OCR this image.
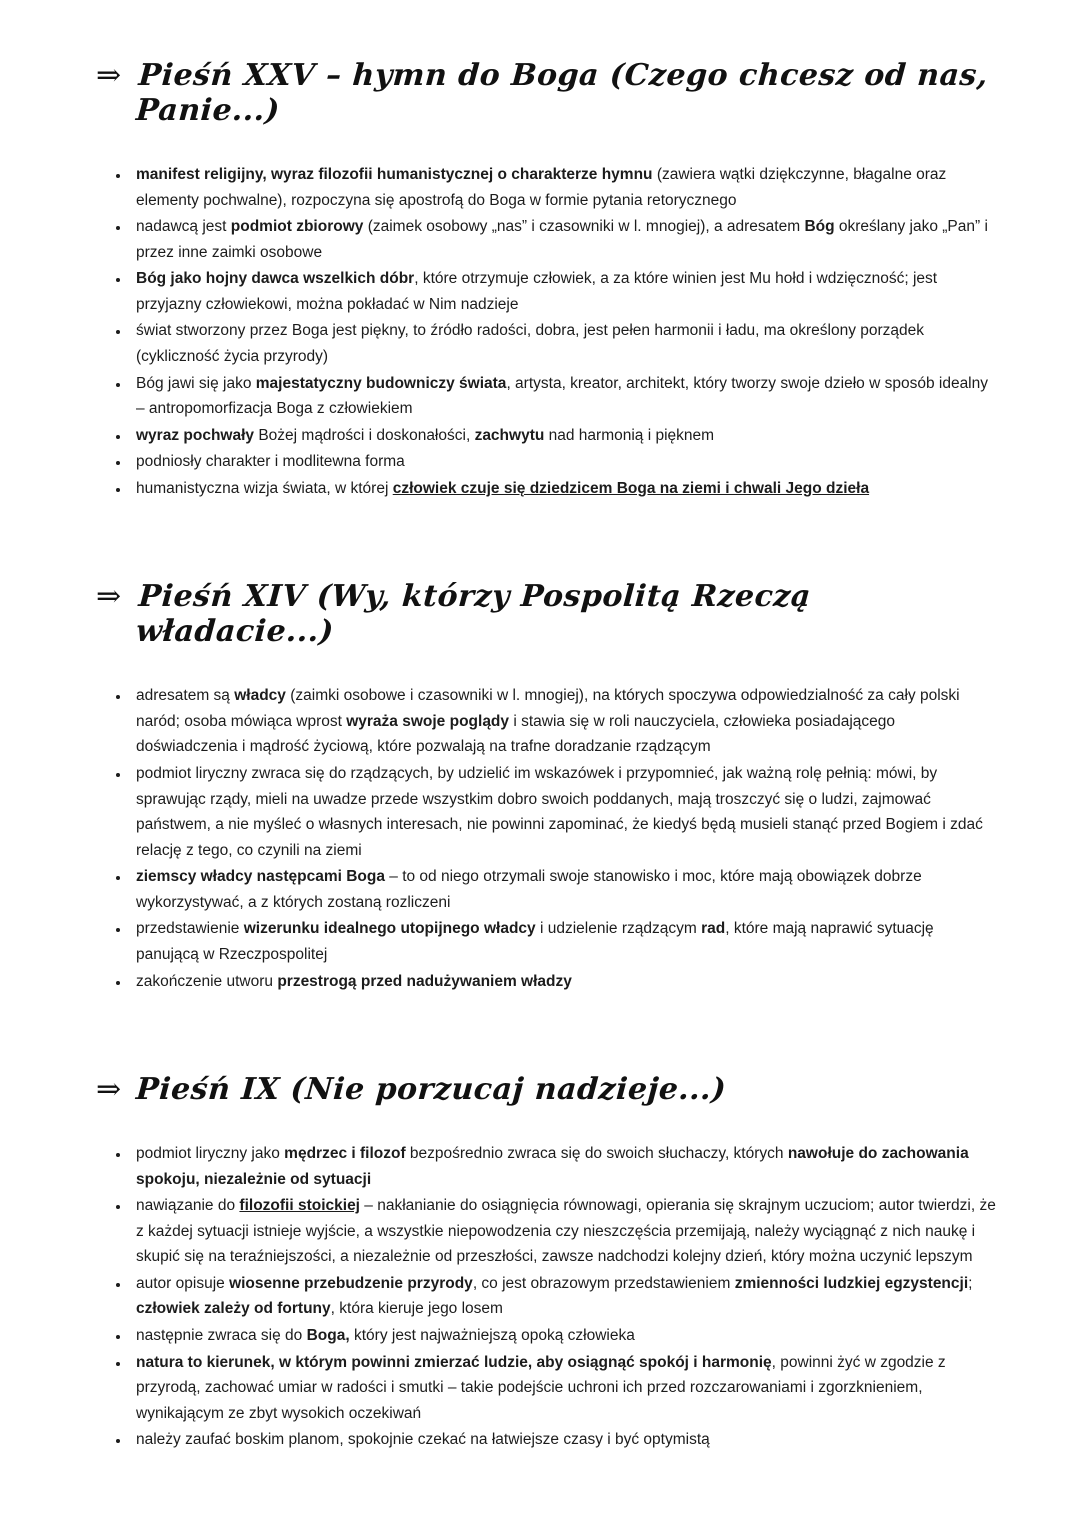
⇒ Pieśń XXV – hymn do Boga (Czego chcesz od nas, Panie...)
• manifest religijny, wyraz filozofii humanistycznej o charakterze hymnu (zawiera wątki dziękczynne, błagalne oraz elementy pochwalne), rozpoczyna się apostrofą do Boga w formie pytania retorycznego
• nadawcą jest podmiot zbiorowy (zaimek osobowy „nas” i czasowniki w l. mnogiej), a adresatem Bóg określany jako „Pan” i przez inne zaimki osobowe
• Bóg jako hojny dawca wszelkich dóbr, które otrzymuje człowiek, a za które winien jest Mu hołd i wdzięczność; jest przyjazny człowiekowi, można pokładać w Nim nadzieje
• świat stworzony przez Boga jest piękny, to źródło radości, dobra, jest pełen harmonii i ładu, ma określony porządek (cykliczność życia przyrody)
• Bóg jawi się jako majestatyczny budowniczy świata, artysta, kreator, architekt, który tworzy swoje dzieło w sposób idealny – antropomorfizacja Boga z człowiekiem
• wyraz pochwały Bożej mądrości i doskonałości, zachwytu nad harmonią i pięknem
• podniosły charakter i modlitewna forma
• humanistyczna wizja świata, w której człowiek czuje się dziedzicem Boga na ziemi i chwali Jego dzieła
⇒ Pieśń XIV (Wy, którzy Pospolitą Rzeczą władacie...)
• adresatem są władcy (zaimki osobowe i czasowniki w l. mnogiej), na których spoczywa odpowiedzialność za cały polski naród; osoba mówiąca wprost wyraża swoje poglądy i stawia się w roli nauczyciela, człowieka posiadającego doświadczenia i mądrość życiową, które pozwalają na trafne doradzanie rządzącym
• podmiot liryczny zwraca się do rządzących, by udzielić im wskazówek i przypomnieć, jak ważną rolę pełnią: mówi, by sprawując rządy, mieli na uwadze przede wszystkim dobro swoich poddanych, mają troszczyć się o ludzi, zajmować państwem, a nie myśleć o własnych interesach, nie powinni zapominać, że kiedyś będą musieli stanąć przed Bogiem i zdać relację z tego, co czynili na ziemi
• ziemscy władcy następcami Boga – to od niego otrzymali swoje stanowisko i moc, które mają obowiązek dobrze wykorzystywać, a z których zostaną rozliczeni
• przedstawienie wizerunku idealnego utopijnego władcy i udzielenie rządzącym rad, które mają naprawić sytuację panującą w Rzeczpospolitej
• zakończenie utworu przestrogą przed nadużywaniem władzy
⇒ Pieśń IX (Nie porzucaj nadzieje...)
• podmiot liryczny jako mędrzec i filozof bezpośrednio zwraca się do swoich słuchaczy, których nawołuje do zachowania spokoju, niezależnie od sytuacji
• nawiązanie do filozofii stoickiej – nakłanianie do osiągnięcia równowagi, opierania się skrajnym uczuciom; autor twierdzi, że z każdej sytuacji istnieje wyjście, a wszystkie niepowodzenia czy nieszczęścia przemijają, należy wyciągnąć z nich naukę i skupić się na teraźniejszości, a niezależnie od przeszłości, zawsze nadchodzi kolejny dzień, który można uczynić lepszym
• autor opisuje wiosenne przebudzenie przyrody, co jest obrazowym przedstawieniem zmienności ludzkiej egzystencji; człowiek zależy od fortuny, która kieruje jego losem
• następnie zwraca się do Boga, który jest najważniejszą opoką człowieka
• natura to kierunek, w którym powinni zmierzać ludzie, aby osiągnąć spokój i harmonię, powinni żyć w zgodzie z przyrodą, zachować umiar w radości i smutki – takie podejście uchroni ich przed rozczarowaniami i zgorzknieniem, wynikającym ze zbyt wysokich oczekiwań
• należy zaufać boskim planom, spokojnie czekać na łatwiejsze czasy i być optymistą
